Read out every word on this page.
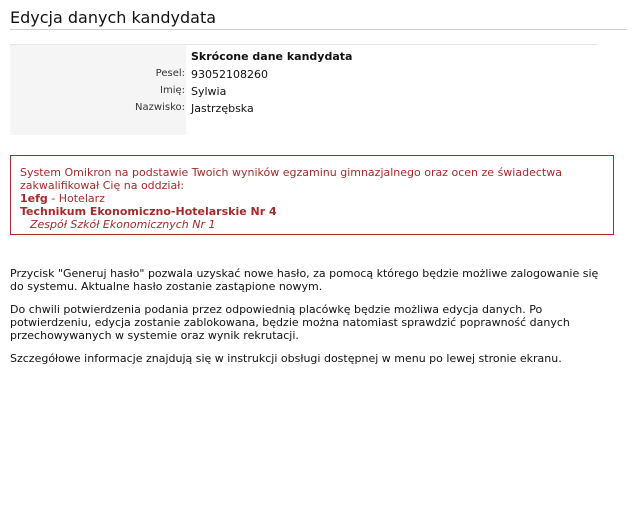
Edycja danych kandydata
Skrócone dane kandydata
Pesel: 93052108260
Imię: Sylwia
Nazwisko: Jastrzębska
System Omikron na podstawie Twoich wyników egzaminu gimnazjalnego oraz ocen ze świadectwa zakwalifikował Cię na oddział:
1efg - Hotelarz
Technikum Ekonomiczno-Hotelarskie Nr 4
Zespół Szkół Ekonomicznych Nr 1

Przycisk "Generuj hasło" pozwala uzyskać nowe hasło, za pomocą którego będzie możliwe zalogowanie się do systemu. Aktualne hasło zostanie zastąpione nowym.

Do chwili potwierdzenia podania przez odpowiednią placówkę będzie możliwa edycja danych. Po potwierdzeniu, edycja zostanie zablokowana, będzie można natomiast sprawdzić poprawność danych przechowywanych w systemie oraz wynik rekrutacji.

Szczegółowe informacje znajdują się w instrukcji obsługi dostępnej w menu po lewej stronie ekranu.
